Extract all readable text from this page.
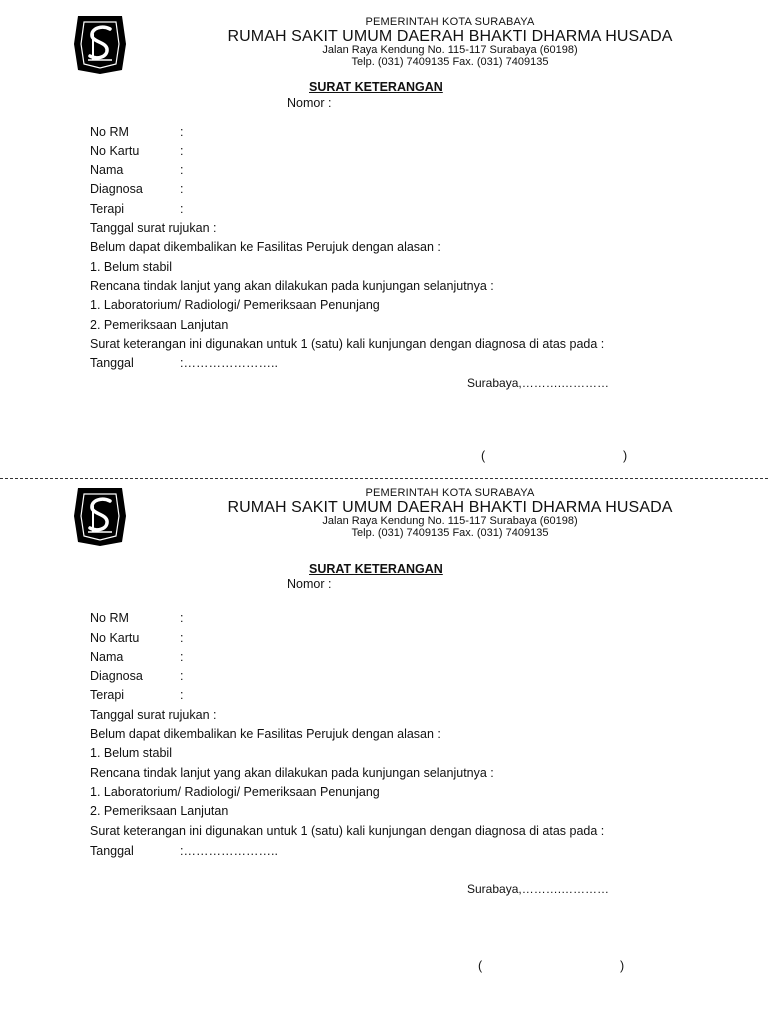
PEMERINTAH KOTA SURABAYA
RUMAH SAKIT UMUM DAERAH BHAKTI DHARMA HUSADA
Jalan Raya Kendung No. 115-117 Surabaya (60198)
Telp. (031) 7409135 Fax. (031) 7409135
SURAT KETERANGAN
Nomor :
No RM	:
No Kartu	:
Nama	:
Diagnosa	:
Terapi	:
Tanggal surat rujukan :
Belum dapat dikembalikan ke Fasilitas Perujuk dengan alasan :
1. Belum stabil
Rencana tindak lanjut yang akan dilakukan pada kunjungan selanjutnya :
1. Laboratorium/ Radiologi/ Pemeriksaan Penunjang
2. Pemeriksaan Lanjutan
Surat keterangan ini digunakan untuk 1 (satu) kali kunjungan dengan diagnosa di atas pada :
Tanggal	:…………………..
Surabaya,……….…………
(	)
PEMERINTAH KOTA SURABAYA
RUMAH SAKIT UMUM DAERAH BHAKTI DHARMA HUSADA
Jalan Raya Kendung No. 115-117 Surabaya (60198)
Telp. (031) 7409135 Fax. (031) 7409135
SURAT KETERANGAN
Nomor :
No RM	:
No Kartu	:
Nama	:
Diagnosa	:
Terapi	:
Tanggal surat rujukan :
Belum dapat dikembalikan ke Fasilitas Perujuk dengan alasan :
1. Belum stabil
Rencana tindak lanjut yang akan dilakukan pada kunjungan selanjutnya :
1. Laboratorium/ Radiologi/ Pemeriksaan Penunjang
2. Pemeriksaan Lanjutan
Surat keterangan ini digunakan untuk 1 (satu) kali kunjungan dengan diagnosa di atas pada :
Tanggal	:…………………..
Surabaya,……….…………
(	)
